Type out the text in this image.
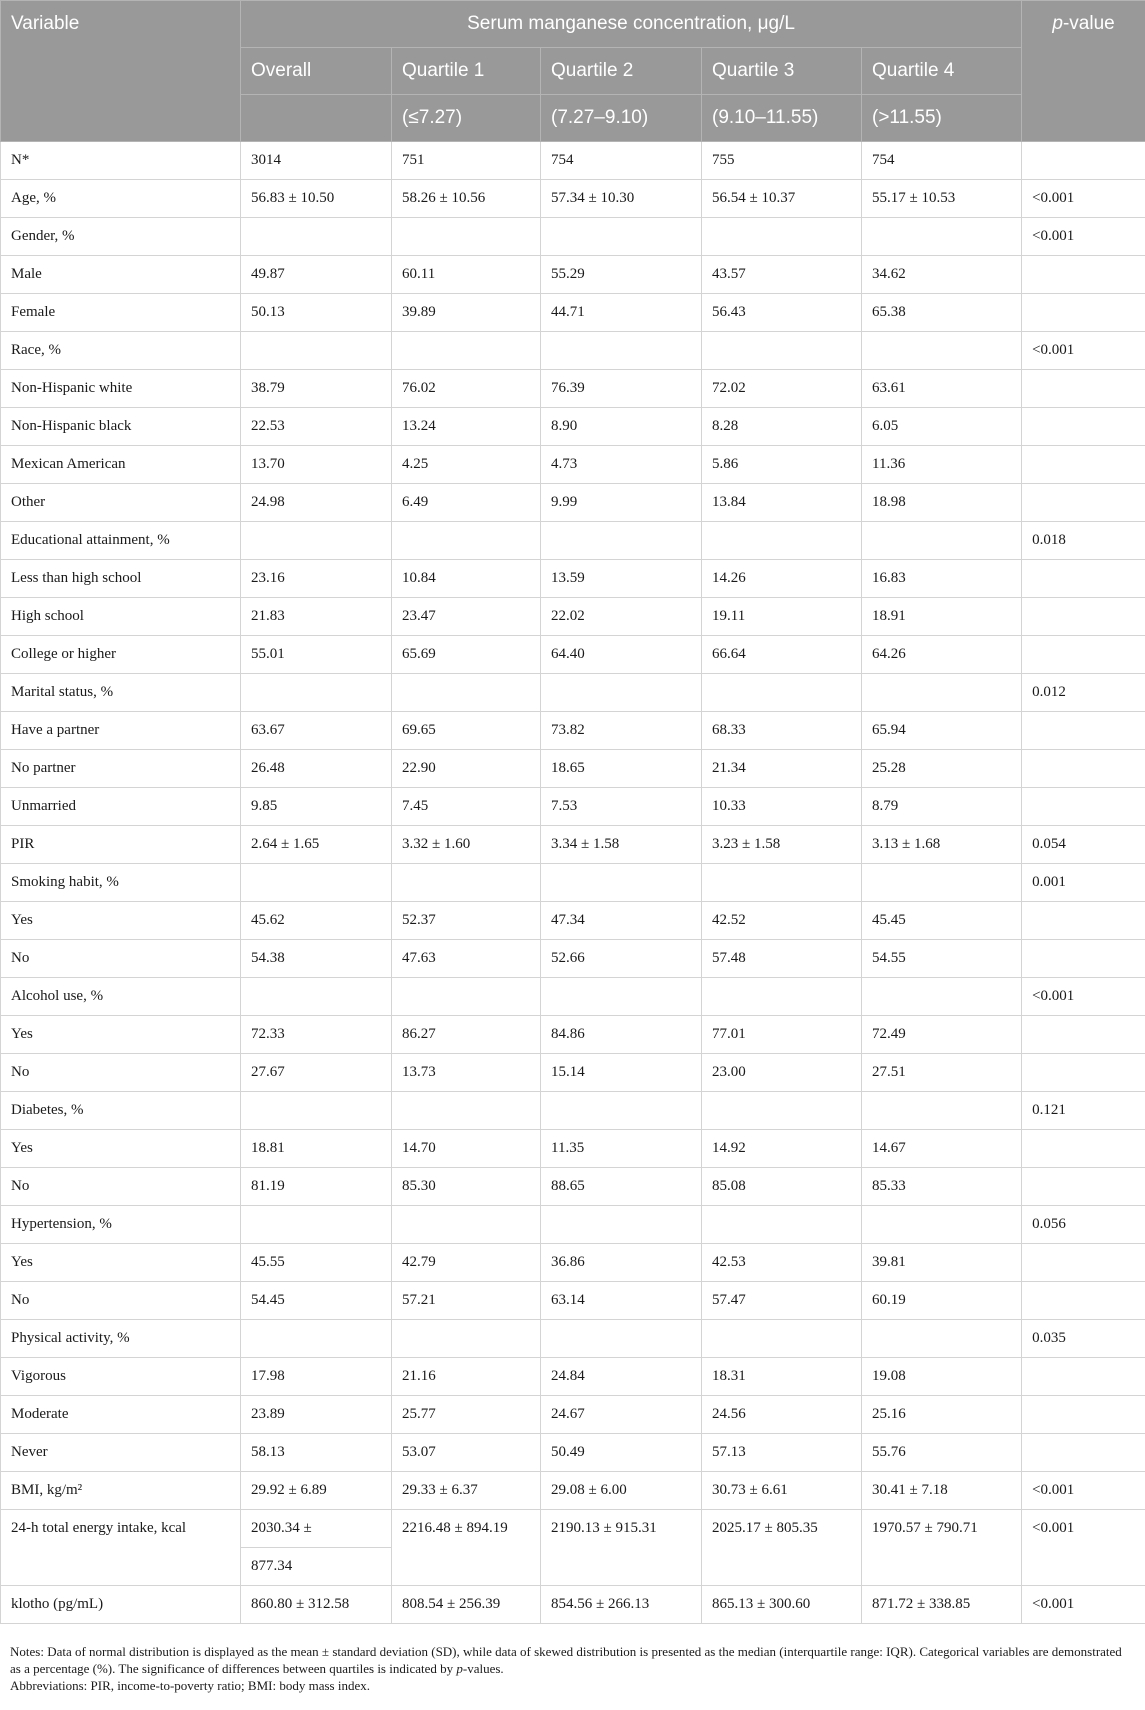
Variable	Serum manganese concentration, μg/L					p-value
	Overall	Quartile 1	Quartile 2	Quartile 3	Quartile 4	
		(≤7.27)	(7.27–9.10)	(9.10–11.55)	(>11.55)	
N*	3014	751	754	755	754	
Age, %	56.83 ± 10.50	58.26 ± 10.56	57.34 ± 10.30	56.54 ± 10.37	55.17 ± 10.53	<0.001
Gender, %						<0.001
Male	49.87	60.11	55.29	43.57	34.62	
Female	50.13	39.89	44.71	56.43	65.38	
Race, %						<0.001
Non-Hispanic white	38.79	76.02	76.39	72.02	63.61	
Non-Hispanic black	22.53	13.24	8.90	8.28	6.05	
Mexican American	13.70	4.25	4.73	5.86	11.36	
Other	24.98	6.49	9.99	13.84	18.98	
Educational attainment, %						0.018
Less than high school	23.16	10.84	13.59	14.26	16.83	
High school	21.83	23.47	22.02	19.11	18.91	
College or higher	55.01	65.69	64.40	66.64	64.26	
Marital status, %						0.012
Have a partner	63.67	69.65	73.82	68.33	65.94	
No partner	26.48	22.90	18.65	21.34	25.28	
Unmarried	9.85	7.45	7.53	10.33	8.79	
PIR	2.64 ± 1.65	3.32 ± 1.60	3.34 ± 1.58	3.23 ± 1.58	3.13 ± 1.68	0.054
Smoking habit, %						0.001
Yes	45.62	52.37	47.34	42.52	45.45	
No	54.38	47.63	52.66	57.48	54.55	
Alcohol use, %						<0.001
Yes	72.33	86.27	84.86	77.01	72.49	
No	27.67	13.73	15.14	23.00	27.51	
Diabetes, %						0.121
Yes	18.81	14.70	11.35	14.92	14.67	
No	81.19	85.30	88.65	85.08	85.33	
Hypertension, %						0.056
Yes	45.55	42.79	36.86	42.53	39.81	
No	54.45	57.21	63.14	57.47	60.19	
Physical activity, %						0.035
Vigorous	17.98	21.16	24.84	18.31	19.08	
Moderate	23.89	25.77	24.67	24.56	25.16	
Never	58.13	53.07	50.49	57.13	55.76	
BMI, kg/m²	29.92 ± 6.89	29.33 ± 6.37	29.08 ± 6.00	30.73 ± 6.61	30.41 ± 7.18	<0.001
24-h total energy intake, kcal	2030.34 ±	2216.48 ± 894.19	2190.13 ± 915.31	2025.17 ± 805.35	1970.57 ± 790.71	<0.001
	877.34					
klotho (pg/mL)	860.80 ± 312.58	808.54 ± 256.39	854.56 ± 266.13	865.13 ± 300.60	871.72 ± 338.85	<0.001

Notes: Data of normal distribution is displayed as the mean ± standard deviation (SD), while data of skewed distribution is presented as the median (interquartile range: IQR). Categorical variables are demonstrated as a percentage (%). The significance of differences between quartiles is indicated by p-values.

Abbreviations: PIR, income-to-poverty ratio; BMI: body mass index.
